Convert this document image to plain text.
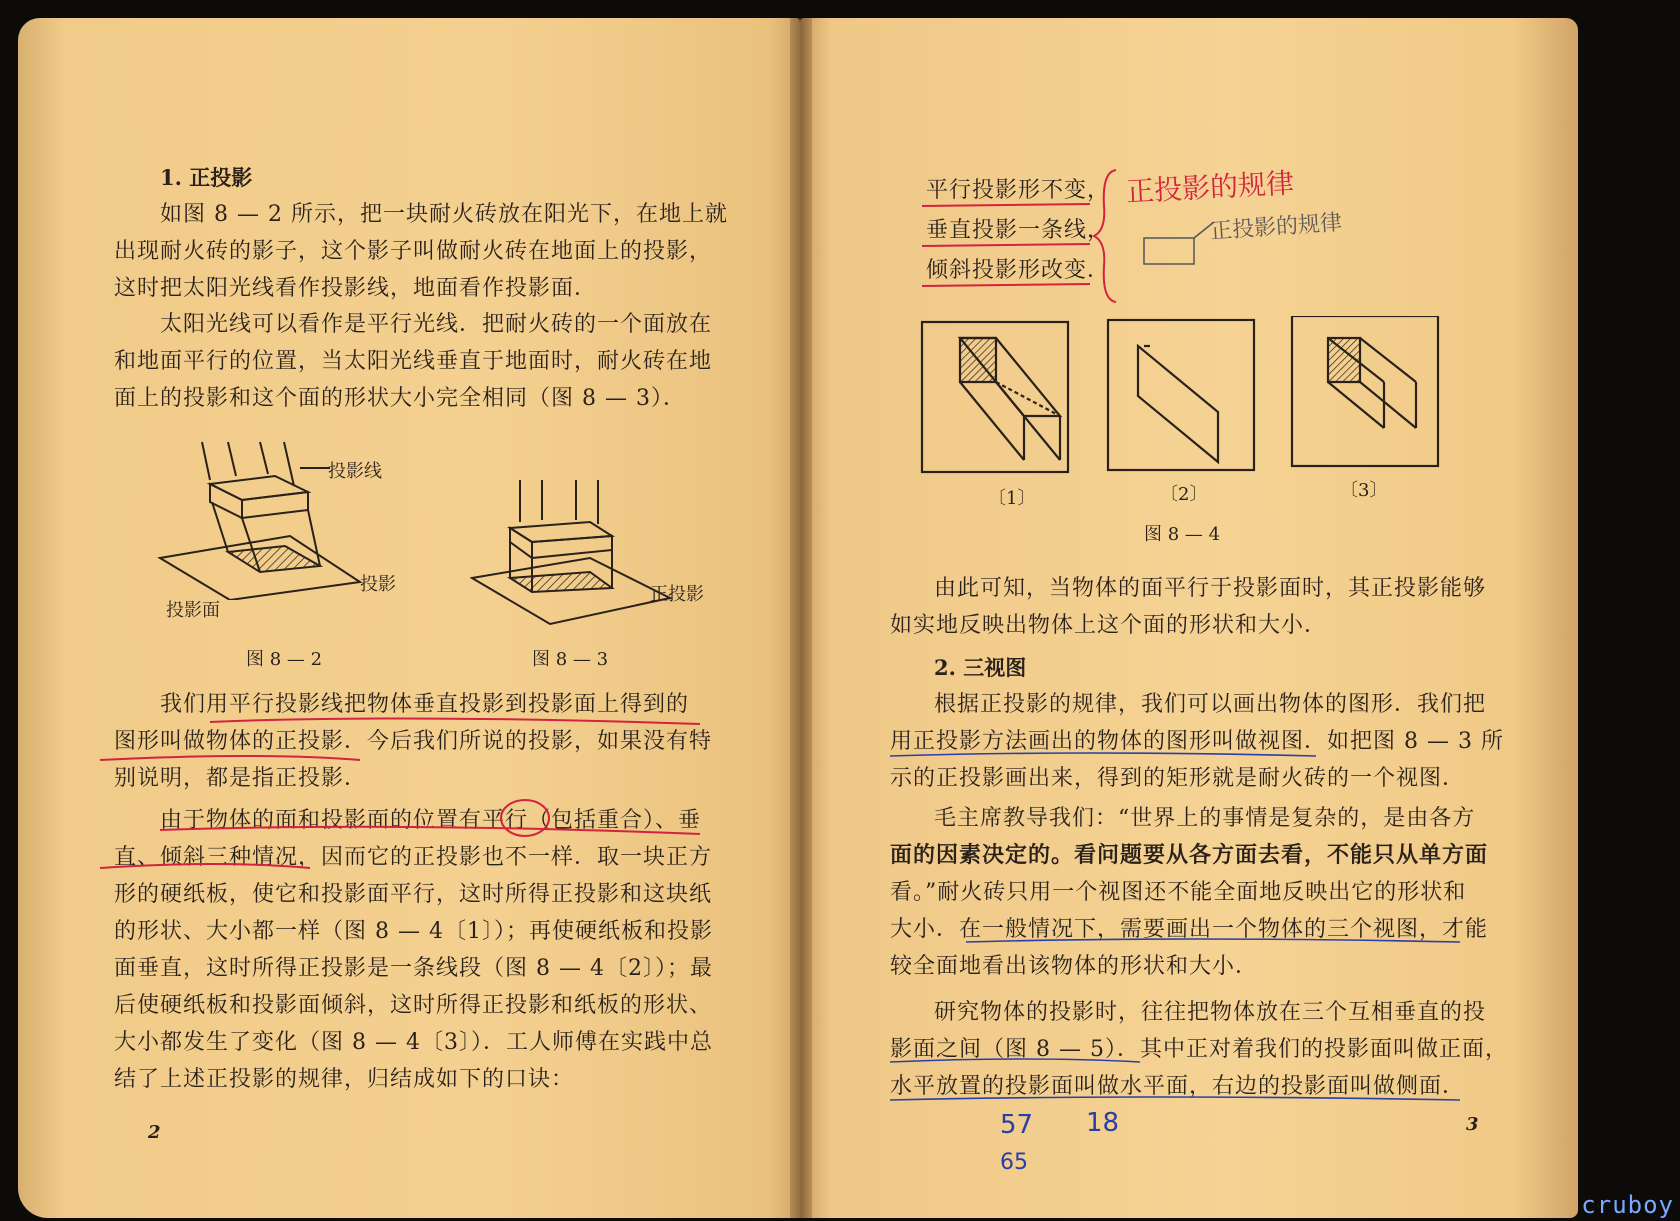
1. 正投影
如图 8 — 2 所示，把一块耐火砖放在阳光下，在地上就
出现耐火砖的影子，这个影子叫做耐火砖在地面上的投影，
这时把太阳光线看作投影线，地面看作投影面．
太阳光线可以看作是平行光线．把耐火砖的一个面放在
和地面平行的位置，当太阳光线垂直于地面时，耐火砖在地
面上的投影和这个面的形状大小完全相同（图 8 — 3）．
投影线
投影
投影面
图 8 — 2
正投影
图 8 — 3
我们用平行投影线把物体垂直投影到投影面上得到的
图形叫做物体的正投影．今后我们所说的投影，如果没有特
别说明，都是指正投影．
由于物体的面和投影面的位置有平行（包括重合）、垂
直、倾斜三种情况，因而它的正投影也不一样．取一块正方
形的硬纸板，使它和投影面平行，这时所得正投影和这块纸
的形状、大小都一样（图 8 — 4〔1〕）；再使硬纸板和投影
面垂直，这时所得正投影是一条线段（图 8 — 4〔2〕）；最
后使硬纸板和投影面倾斜，这时所得正投影和纸板的形状、
大小都发生了变化（图 8 — 4〔3〕）．工人师傅在实践中总
结了上述正投影的规律，归结成如下的口诀：
2
平行投影形不变，
垂直投影一条线，
倾斜投影形改变．
正投影的规律
正投影的规律
〔1〕	〔2〕	〔3〕
图 8 — 4
由此可知，当物体的面平行于投影面时，其正投影能够
如实地反映出物体上这个面的形状和大小．
2. 三视图
根据正投影的规律，我们可以画出物体的图形．我们把
用正投影方法画出的物体的图形叫做视图．如把图 8 — 3 所
示的正投影画出来，得到的矩形就是耐火砖的一个视图．
毛主席教导我们：“世界上的事情是复杂的，是由各方
面的因素决定的。看问题要从各方面去看，不能只从单方面
看。”耐火砖只用一个视图还不能全面地反映出它的形状和
大小．在一般情况下，需要画出一个物体的三个视图，才能
较全面地看出该物体的形状和大小．
研究物体的投影时，往往把物体放在三个互相垂直的投
影面之间（图 8 — 5）．其中正对着我们的投影面叫做正面，
水平放置的投影面叫做水平面，右边的投影面叫做侧面．
57 18
65
3
cruboy
